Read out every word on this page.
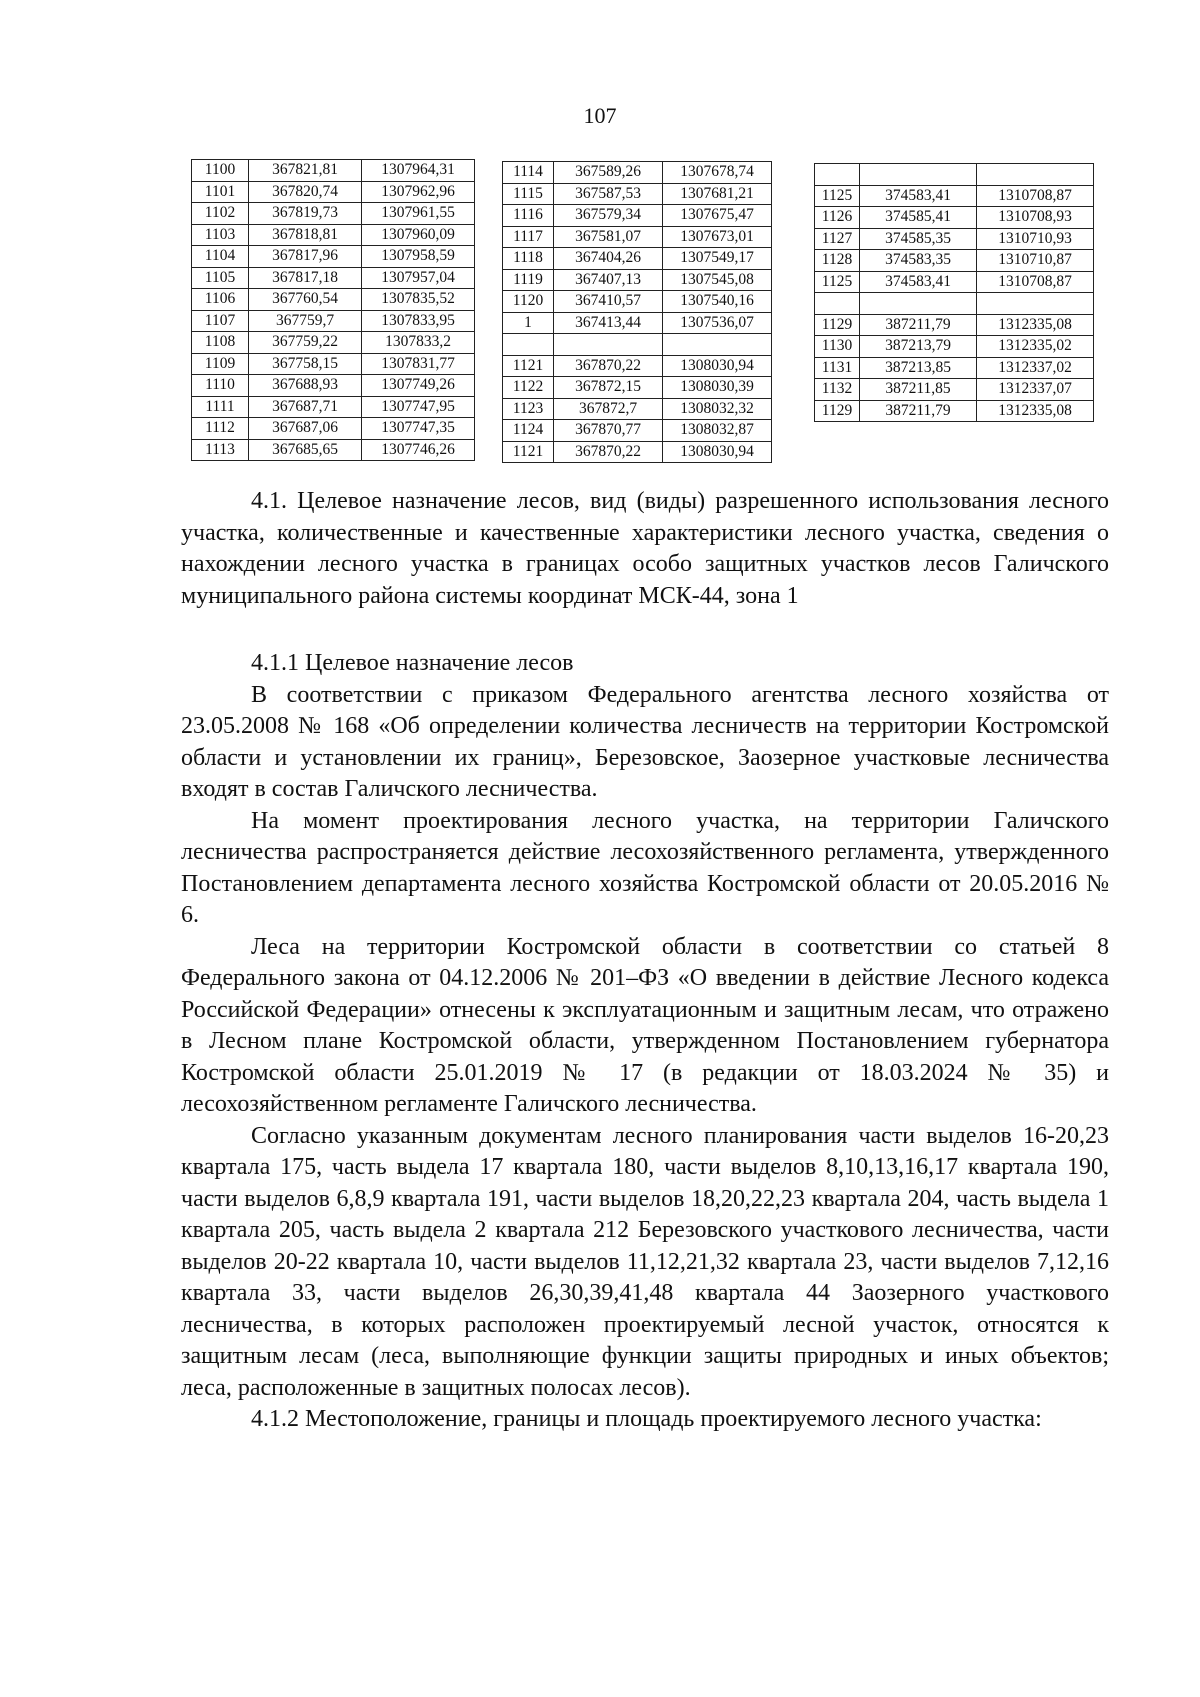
107
1100	367821,81	1307964,31
1101	367820,74	1307962,96
1102	367819,73	1307961,55
1103	367818,81	1307960,09
1104	367817,96	1307958,59
1105	367817,18	1307957,04
1106	367760,54	1307835,52
1107	367759,7	1307833,95
1108	367759,22	1307833,2
1109	367758,15	1307831,77
1110	367688,93	1307749,26
1111	367687,71	1307747,95
1112	367687,06	1307747,35
1113	367685,65	1307746,26
1114	367589,26	1307678,74
1115	367587,53	1307681,21
1116	367579,34	1307675,47
1117	367581,07	1307673,01
1118	367404,26	1307549,17
1119	367407,13	1307545,08
1120	367410,57	1307540,16
1	367413,44	1307536,07

1121	367870,22	1308030,94
1122	367872,15	1308030,39
1123	367872,7	1308032,32
1124	367870,77	1308032,87
1121	367870,22	1308030,94

1125	374583,41	1310708,87
1126	374585,41	1310708,93
1127	374585,35	1310710,93
1128	374583,35	1310710,87
1125	374583,41	1310708,87

1129	387211,79	1312335,08
1130	387213,79	1312335,02
1131	387213,85	1312337,02
1132	387211,85	1312337,07
1129	387211,79	1312335,08

4.1. Целевое назначение лесов, вид (виды) разрешенного использования лесного участка, количественные и качественные характеристики лесного участка, сведения о нахождении лесного участка в границах особо защитных участков лесов Галичского муниципального района системы координат МСК-44, зона 1

4.1.1 Целевое назначение лесов

В соответствии с приказом Федерального агентства лесного хозяйства от 23.05.2008 № 168 «Об определении количества лесничеств на территории Костромской области и установлении их границ», Березовское, Заозерное участковые лесничества входят в состав Галичского лесничества.

На момент проектирования лесного участка, на территории Галичского лесничества распространяется действие лесохозяйственного регламента, утвержденного Постановлением департамента лесного хозяйства Костромской области от 20.05.2016 № 6.

Леса на территории Костромской области в соответствии со статьей 8 Федерального закона от 04.12.2006 № 201–ФЗ «О введении в действие Лесного кодекса Российской Федерации» отнесены к эксплуатационным и защитным лесам, что отражено в Лесном плане Костромской области, утвержденном Постановлением губернатора Костромской области 25.01.2019 № 17 (в редакции от 18.03.2024 № 35) и лесохозяйственном регламенте Галичского лесничества.

Согласно указанным документам лесного планирования части выделов 16-20,23 квартала 175, часть выдела 17 квартала 180, части выделов 8,10,13,16,17 квартала 190, части выделов 6,8,9 квартала 191, части выделов 18,20,22,23 квартала 204, часть выдела 1 квартала 205, часть выдела 2 квартала 212 Березовского участкового лесничества, части выделов 20-22 квартала 10, части выделов 11,12,21,32 квартала 23, части выделов 7,12,16 квартала 33, части выделов 26,30,39,41,48 квартала 44 Заозерного участкового лесничества, в которых расположен проектируемый лесной участок, относятся к защитным лесам (леса, выполняющие функции защиты природных и иных объектов; леса, расположенные в защитных полосах лесов).

4.1.2 Местоположение, границы и площадь проектируемого лесного участка:
